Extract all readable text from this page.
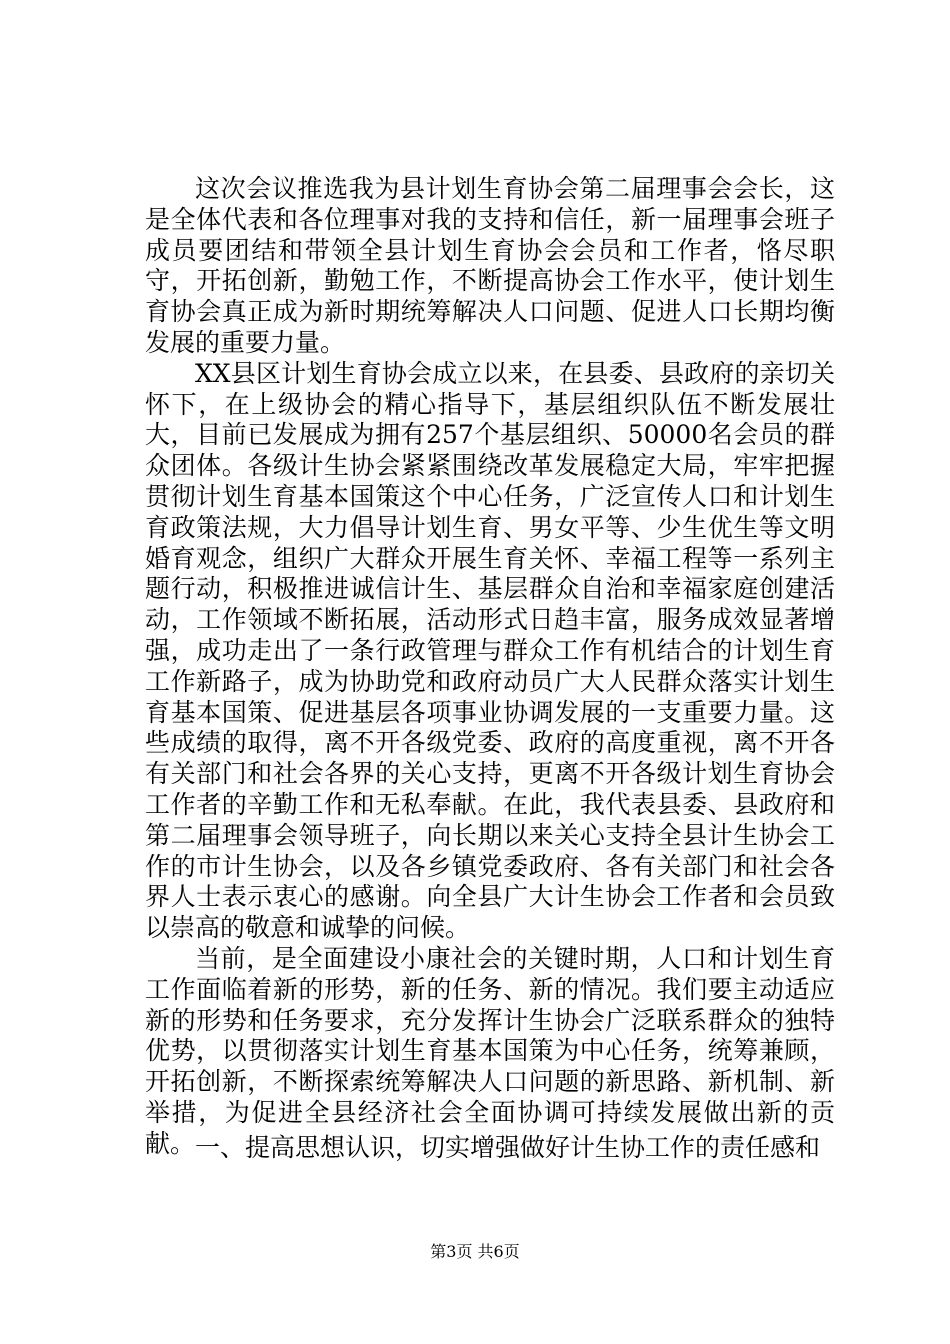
这次会议推选我为县计划生育协会第二届理事会会长，这是全体代表和各位理事对我的支持和信任，新一届理事会班子成员要团结和带领全县计划生育协会会员和工作者，恪尽职守，开拓创新，勤勉工作，不断提高协会工作水平，使计划生育协会真正成为新时期统筹解决人口问题、促进人口长期均衡发展的重要力量。

XX县区计划生育协会成立以来，在县委、县政府的亲切关怀下，在上级协会的精心指导下，基层组织队伍不断发展壮大，目前已发展成为拥有257个基层组织、50000名会员的群众团体。各级计生协会紧紧围绕改革发展稳定大局，牢牢把握贯彻计划生育基本国策这个中心任务，广泛宣传人口和计划生育政策法规，大力倡导计划生育、男女平等、少生优生等文明婚育观念，组织广大群众开展生育关怀、幸福工程等一系列主题行动，积极推进诚信计生、基层群众自治和幸福家庭创建活动，工作领域不断拓展，活动形式日趋丰富，服务成效显著增强，成功走出了一条行政管理与群众工作有机结合的计划生育工作新路子，成为协助党和政府动员广大人民群众落实计划生育基本国策、促进基层各项事业协调发展的一支重要力量。这些成绩的取得，离不开各级党委、政府的高度重视，离不开各有关部门和社会各界的关心支持，更离不开各级计划生育协会工作者的辛勤工作和无私奉献。在此，我代表县委、县政府和第二届理事会领导班子，向长期以来关心支持全县计生协会工作的市计生协会，以及各乡镇党委政府、各有关部门和社会各界人士表示衷心的感谢。向全县广大计生协会工作者和会员致以崇高的敬意和诚挚的问候。

当前，是全面建设小康社会的关键时期，人口和计划生育工作面临着新的形势，新的任务、新的情况。我们要主动适应新的形势和任务要求，充分发挥计生协会广泛联系群众的独特优势，以贯彻落实计划生育基本国策为中心任务，统筹兼顾，开拓创新，不断探索统筹解决人口问题的新思路、新机制、新举措，为促进全县经济社会全面协调可持续发展做出新的贡献。 一、提高思想认识，切实增强做好计生协工作的责任感和

第3页 共6页
